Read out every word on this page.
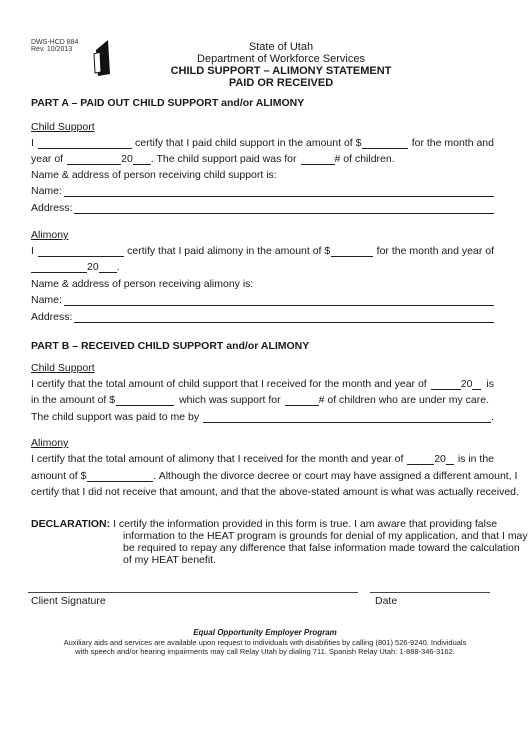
DWS-HCD 884
Rev. 10/2013	State of Utah
Department of Workforce Services
CHILD SUPPORT – ALIMONY STATEMENT
PAID OR RECEIVED
PART A – PAID OUT CHILD SUPPORT and/or ALIMONY
Child Support
I	certify that I paid child support in the amount of $	for the month and
year of	20 . The child support paid was for	# of children.
Name & address of person receiving child support is:
Name:
Address:
Alimony
I	certify that I paid alimony in the amount of $	for the month and year of
20 .
Name & address of person receiving alimony is:
Name:
Address:
PART B – RECEIVED CHILD SUPPORT and/or ALIMONY
Child Support
I certify that the total amount of child support that I received for the month and year of	20 is
in the amount of $	which was support for	# of children who are under my care.
The child support was paid to me by	.
Alimony
I certify that the total amount of alimony that I received for the month and year of	20 is in the
amount of $	. Although the divorce decree or court may have assigned a different amount, I
certify that I did not receive that amount, and that the above-stated amount is what was actually received.
DECLARATION: I certify the information provided in this form is true. I am aware that providing false
information to the HEAT program is grounds for denial of my application, and that I may
be required to repay any difference that false information made toward the calculation
of my HEAT benefit.
Client Signature	Date
Equal Opportunity Employer Program
Auxiliary aids and services are available upon request to individuals with disabilities by calling (801) 526-9240. Individuals
with speech and/or hearing impairments may call Relay Utah by dialing 711. Spanish Relay Utah: 1-888-346-3162.
